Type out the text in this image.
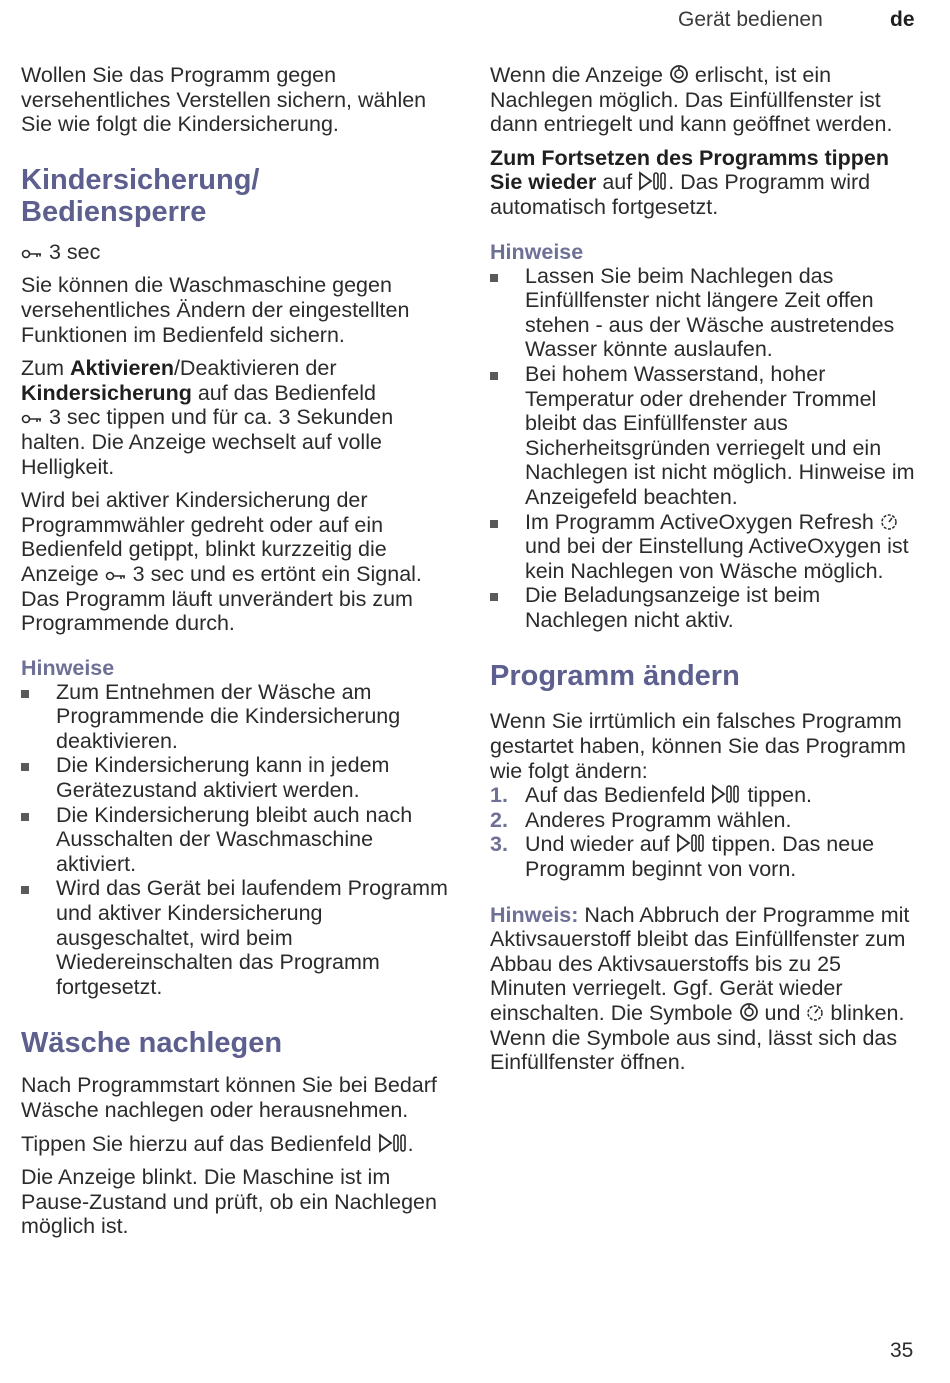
Gerät bedienen	de

Wollen Sie das Programm gegen versehentliches Verstellen sichern, wählen Sie wie folgt die Kindersicherung.

Kindersicherung/
Bediensperre

3 sec

Sie können die Waschmaschine gegen versehentliches Ändern der eingestellten Funktionen im Bedienfeld sichern.

Zum Aktivieren/Deaktivieren der Kindersicherung auf das Bedienfeld
3 sec tippen und für ca. 3 Sekunden halten. Die Anzeige wechselt auf volle Helligkeit.

Wird bei aktiver Kindersicherung der Programmwähler gedreht oder auf ein Bedienfeld getippt, blinkt kurzzeitig die Anzeige  3 sec und es ertönt ein Signal. Das Programm läuft unverändert bis zum Programmende durch.

Hinweise
Zum Entnehmen der Wäsche am Programmende die Kindersicherung deaktivieren.
Die Kindersicherung kann in jedem Gerätezustand aktiviert werden.
Die Kindersicherung bleibt auch nach Ausschalten der Waschmaschine aktiviert.
Wird das Gerät bei laufendem Programm und aktiver Kindersicherung ausgeschaltet, wird beim Wiedereinschalten das Programm fortgesetzt.
Wäsche nachlegen

Nach Programmstart können Sie bei Bedarf Wäsche nachlegen oder herausnehmen.

Tippen Sie hierzu auf das Bedienfeld .

Die Anzeige blinkt. Die Maschine ist im Pause-Zustand und prüft, ob ein Nachlegen möglich ist.

Wenn die Anzeige  erlischt, ist ein Nachlegen möglich. Das Einfüllfenster ist dann entriegelt und kann geöffnet werden.

Zum Fortsetzen des Programms tippen Sie wieder auf . Das Programm wird automatisch fortgesetzt.

Hinweise
Lassen Sie beim Nachlegen das Einfüllfenster nicht längere Zeit offen stehen - aus der Wäsche austretendes Wasser könnte auslaufen.
Bei hohem Wasserstand, hoher Temperatur oder drehender Trommel bleibt das Einfüllfenster aus Sicherheitsgründen verriegelt und ein Nachlegen ist nicht möglich. Hinweise im Anzeigefeld beachten.
Im Programm ActiveOxygen Refresh  und bei der Einstellung ActiveOxygen ist kein Nachlegen von Wäsche möglich.
Die Beladungsanzeige ist beim Nachlegen nicht aktiv.
Programm ändern

Wenn Sie irrtümlich ein falsches Programm gestartet haben, können Sie das Programm wie folgt ändern:

1. Auf das Bedienfeld  tippen.
2. Anderes Programm wählen.
3. Und wieder auf  tippen. Das neue Programm beginnt von vorn.

Hinweis: Nach Abbruch der Programme mit Aktivsauerstoff bleibt das Einfüllfenster zum Abbau des Aktivsauerstoffs bis zu 25 Minuten verriegelt. Ggf. Gerät wieder einschalten. Die Symbole  und  blinken. Wenn die Symbole aus sind, lässt sich das Einfüllfenster öffnen.

35
